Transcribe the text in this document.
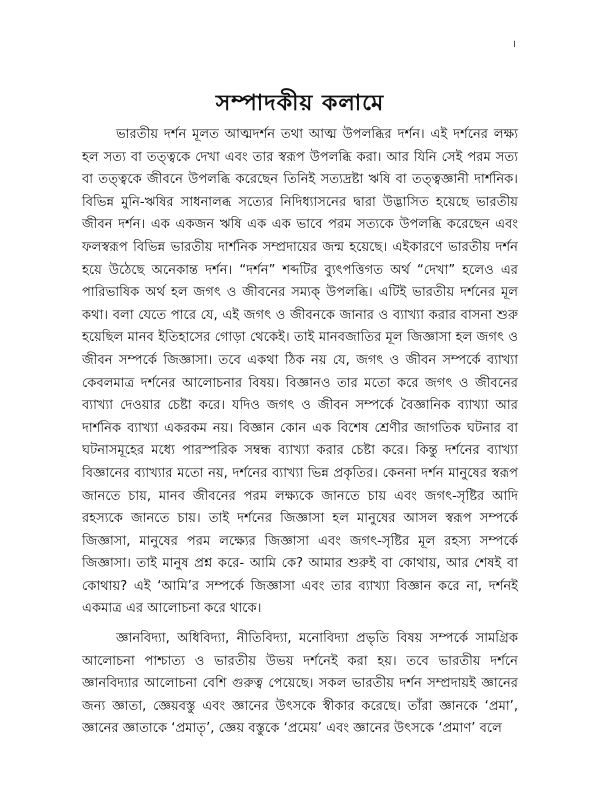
।
সম্পাদকীয় কলামে

ভারতীয় দর্শন মূলত আত্মদর্শন তথা আত্ম উপলব্ধির দর্শন। এই দর্শনের লক্ষ্য হল সত্য বা তত্ত্বকে দেখা এবং তার স্বরূপ উপলব্ধি করা। আর যিনি সেই পরম সত্য বা তত্ত্বকে জীবনে উপলব্ধি করেছেন তিনিই সত্যদ্রষ্টা ঋষি বা তত্ত্বজ্ঞানী দার্শনিক। বিভিন্ন মুনি-ঋষির সাধনালব্ধ সত্যের নিদিধ্যাসনের দ্বারা উদ্ভাসিত হয়েছে ভারতীয় জীবন দর্শন। এক একজন ঋষি এক এক ভাবে পরম সত্যকে উপলব্ধি করেছেন এবং ফলস্বরূপ বিভিন্ন ভারতীয় দার্শনিক সম্প্রদায়ের জন্ম হয়েছে। এইকারণে ভারতীয় দর্শন হয়ে উঠেছে অনেকান্ত দর্শন। “দর্শন” শব্দটির ব্যুৎপত্তিগত অর্থ “দেখা” হলেও এর পারিভাষিক অর্থ হল জগৎ ও জীবনের সম্যক্ উপলব্ধি। এটিই ভারতীয় দর্শনের মূল কথা। বলা যেতে পারে যে, এই জগৎ ও জীবনকে জানার ও ব্যাখ্যা করার বাসনা শুরু হয়েছিল মানব ইতিহাসের গোড়া থেকেই। তাই মানবজাতির মূল জিজ্ঞাসা হল জগৎ ও জীবন সম্পর্কে জিজ্ঞাসা। তবে একথা ঠিক নয় যে, জগৎ ও জীবন সম্পর্কে ব্যাখ্যা কেবলমাত্র দর্শনের আলোচনার বিষয়। বিজ্ঞানও তার মতো করে জগৎ ও জীবনের ব্যাখ্যা দেওয়ার চেষ্টা করে। যদিও জগৎ ও জীবন সম্পর্কে বৈজ্ঞানিক ব্যাখ্যা আর দার্শনিক ব্যাখ্যা একরকম নয়। বিজ্ঞান কোন এক বিশেষ শ্রেণীর জাগতিক ঘটনার বা ঘটনাসমূহের মধ্যে পারস্পরিক সম্বন্ধ ব্যাখ্যা করার চেষ্টা করে। কিন্তু দর্শনের ব্যাখ্যা বিজ্ঞানের ব্যাখ্যার মতো নয়, দর্শনের ব্যাখ্যা ভিন্ন প্রকৃতির। কেননা দর্শন মানুষের স্বরূপ জানতে চায়, মানব জীবনের পরম লক্ষ্যকে জানতে চায় এবং জগৎ-সৃষ্টির আদি রহস্যকে জানতে চায়। তাই দর্শনের জিজ্ঞাসা হল মানুষের আসল স্বরূপ সম্পর্কে জিজ্ঞাসা, মানুষের পরম লক্ষ্যের জিজ্ঞাসা এবং জগৎ-সৃষ্টির মূল রহস্য সম্পর্কে জিজ্ঞাসা। তাই মানুষ প্রশ্ন করে- আমি কে? আমার শুরুই বা কোথায়, আর শেষই বা কোথায়? এই ‘আমি’র সম্পর্কে জিজ্ঞাসা এবং তার ব্যাখ্যা বিজ্ঞান করে না, দর্শনই একমাত্র এর আলোচনা করে থাকে।

জ্ঞানবিদ্যা, অধিবিদ্যা, নীতিবিদ্যা, মনোবিদ্যা প্রভৃতি বিষয় সম্পর্কে সামগ্রিক আলোচনা পাশ্চাত্য ও ভারতীয় উভয় দর্শনেই করা হয়। তবে ভারতীয় দর্শনে জ্ঞানবিদ্যার আলোচনা বেশি গুরুত্ব পেয়েছে। সকল ভারতীয় দর্শন সম্প্রদায়ই জ্ঞানের জন্য জ্ঞাতা, জ্ঞেয়বস্তু এবং জ্ঞানের উৎসকে স্বীকার করেছে। তাঁরা জ্ঞানকে ‘প্রমা’, জ্ঞানের জ্ঞাতাকে ‘প্রমাতৃ’, জ্ঞেয় বস্তুকে ‘প্রমেয়’ এবং জ্ঞানের উৎসকে ‘প্রমাণ’ বলে
